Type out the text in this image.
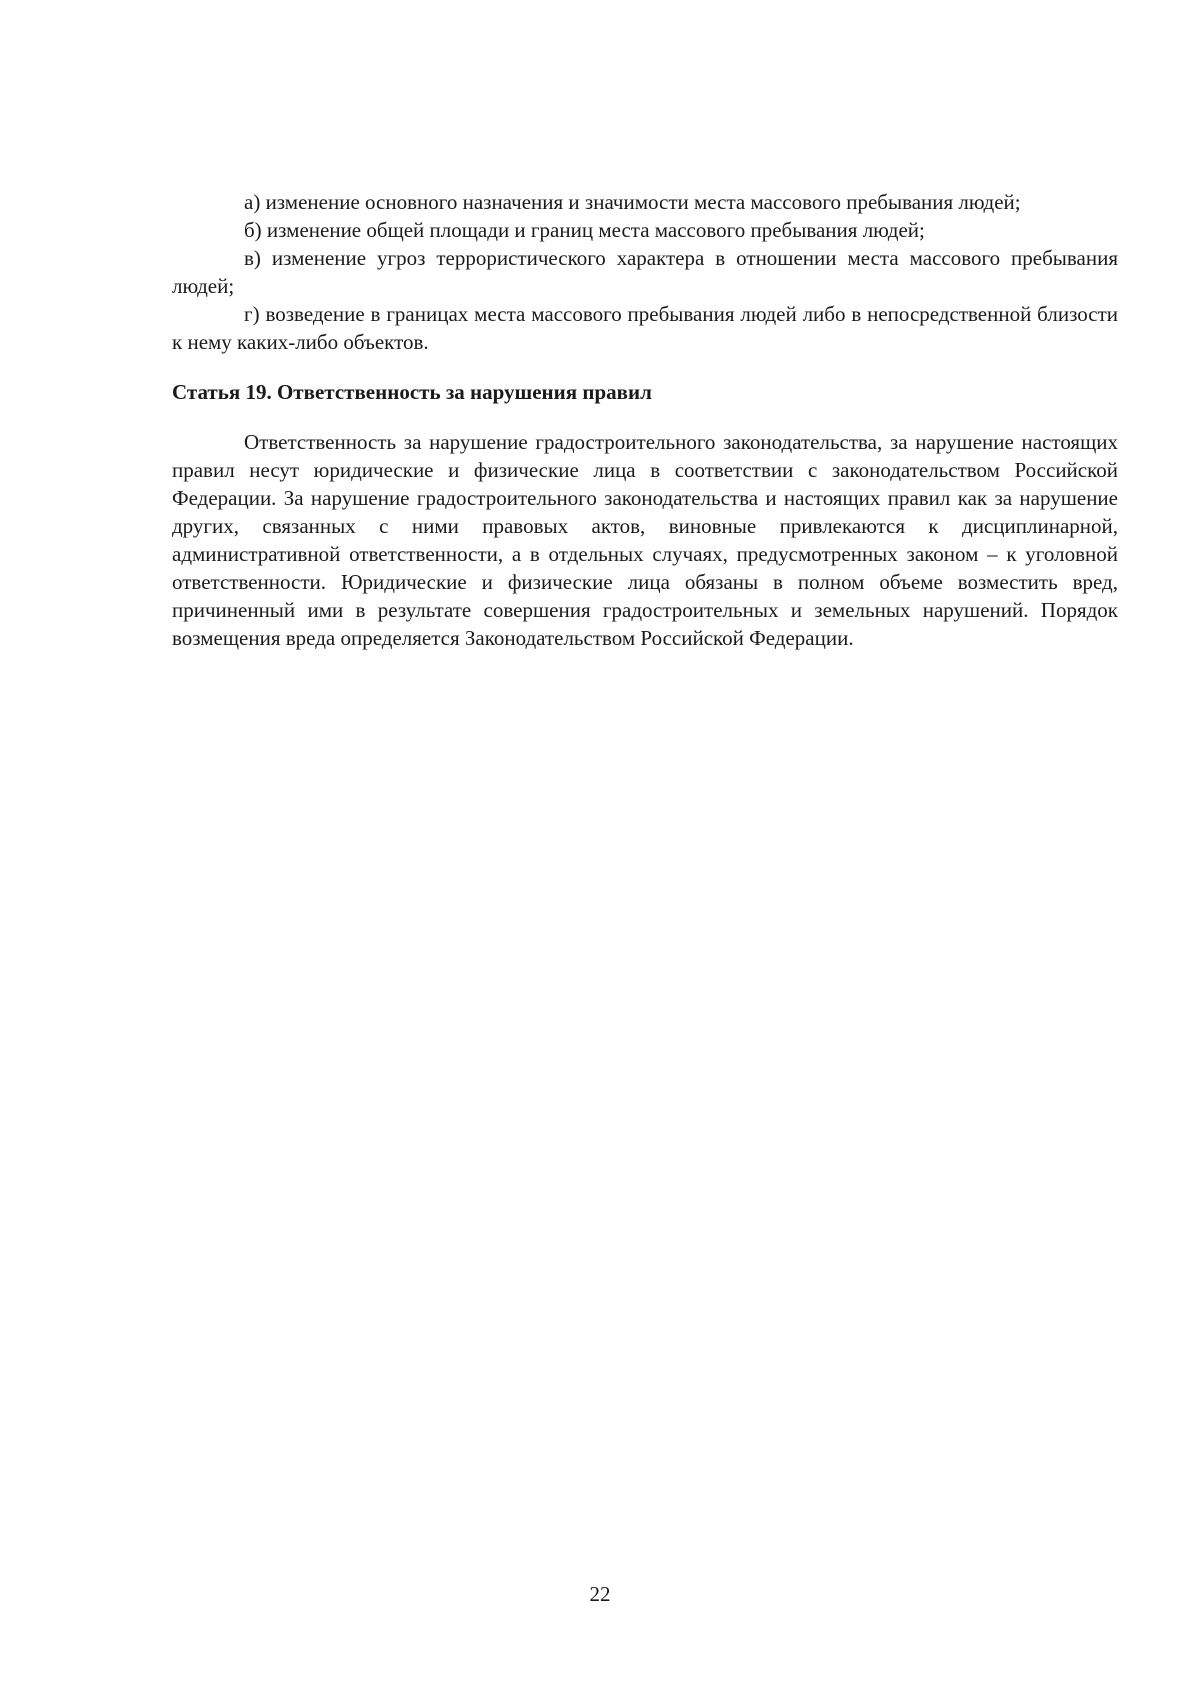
а) изменение основного назначения и значимости места массового пребывания людей;

б) изменение общей площади и границ места массового пребывания людей;

в) изменение угроз террористического характера в отношении места массового пребывания людей;

г) возведение в границах места массового пребывания людей либо в непосредственной близости к нему каких-либо объектов.

Статья 19. Ответственность за нарушения правил

Ответственность за нарушение градостроительного законодательства, за нарушение настоящих правил несут юридические и физические лица в соответствии с законодательством Российской Федерации. За нарушение градостроительного законодательства и настоящих правил как за нарушение других, связанных с ними правовых актов, виновные привлекаются к дисциплинарной, административной ответственности, а в отдельных случаях, предусмотренных законом – к уголовной ответственности. Юридические и физические лица обязаны в полном объеме возместить вред, причиненный ими в результате совершения градостроительных и земельных нарушений. Порядок возмещения вреда определяется Законодательством Российской Федерации.

22
